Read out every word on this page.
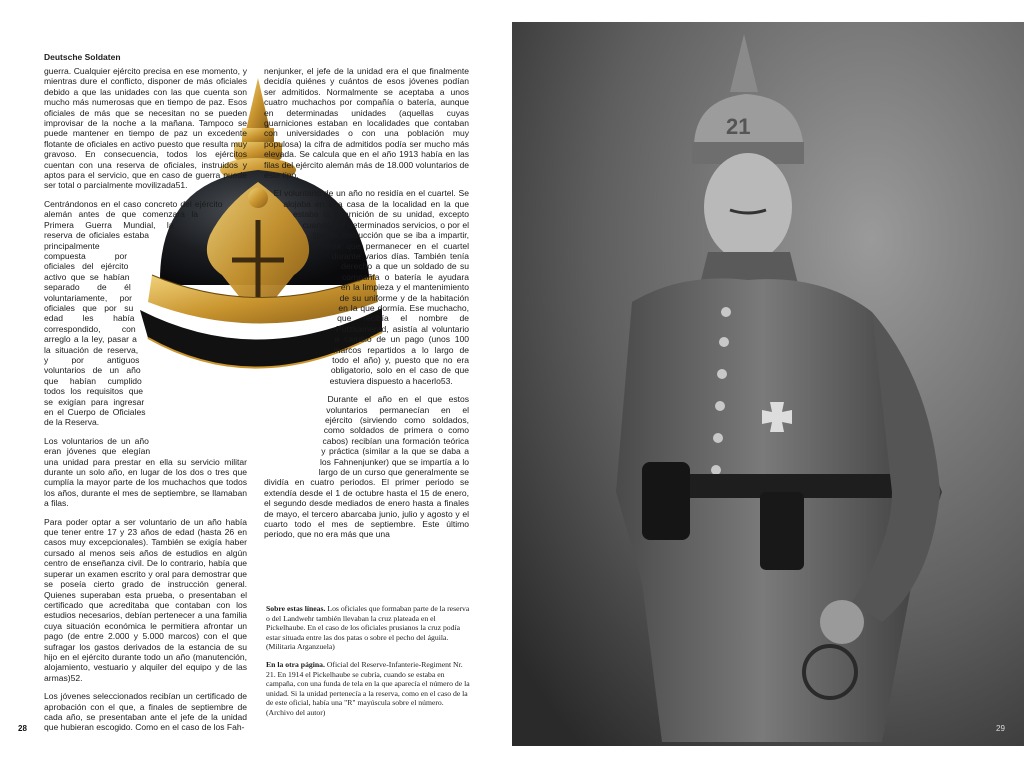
Deutsche Soldaten

guerra. Cualquier ejército precisa en ese momento, y mientras dure el conflicto, disponer de más oficiales debido a que las unidades con las que cuenta son mucho más numerosas que en tiempo de paz. Esos oficiales de más que se necesitan no se pueden improvisar de la noche a la mañana. Tampoco se puede mantener en tiempo de paz un excedente flotante de oficiales en activo puesto que resulta muy gravoso. En consecuencia, todos los ejércitos cuentan con una reserva de oficiales, instruidos y aptos para el servicio, que en caso de guerra puede ser total o parcialmente movilizada51.

Centrándonos en el caso concreto del ejército alemán antes de que comenzara la Primera Guerra Mundial, la reserva de oficiales estaba principalmente compuesta por oficiales del ejército activo que se habían separado de él voluntariamente, por oficiales que por su edad les había correspondido, con arreglo a la ley, pasar a la situación de reserva, y por antiguos voluntarios de un año que habían cumplido todos los requisitos que se exigían para ingresar en el Cuerpo de Oficiales de la Reserva.

Los voluntarios de un año eran jóvenes que elegían una unidad para prestar en ella su servicio militar durante un solo año, en lugar de los dos o tres que cumplía la mayor parte de los muchachos que todos los años, durante el mes de septiembre, se llamaban a filas.

Para poder optar a ser voluntario de un año había que tener entre 17 y 23 años de edad (hasta 26 en casos muy excepcionales). También se exigía haber cursado al menos seis años de estudios en algún centro de enseñanza civil. De lo contrario, había que superar un examen escrito y oral para demostrar que se poseía cierto grado de instrucción general. Quienes superaban esta prueba, o presentaban el certificado que acreditaba que contaban con los estudios necesarios, debían pertenecer a una familia cuya situación económica le permitiera afrontar un pago (de entre 2.000 y 5.000 marcos) con el que sufragar los gastos derivados de la estancia de su hijo en el ejército durante todo un año (manutención, alojamiento, vestuario y alquiler del equipo y de las armas)52.

Los jóvenes seleccionados recibían un certificado de aprobación con el que, a finales de septiembre de cada año, se presentaban ante el jefe de la unidad que hubieran escogido. Como en el caso de los Fah-

nenjunker, el jefe de la unidad era el que finalmente decidía quiénes y cuántos de esos jóvenes podían ser admitidos. Normalmente se aceptaba a unos cuatro muchachos por compañía o batería, aunque en determinadas unidades (aquellas cuyas guarniciones estaban en localidades que contaban con universidades o con una población muy populosa) la cifra de admitidos podía ser mucho más elevada. Se calcula que en el año 1913 había en las filas del ejército alemán más de 18.000 voluntarios de este tipo.

El voluntario de un año no residía en el cuartel. Se alojaba en una casa de la localidad en la que estaba la guarnición de su unidad, excepto cuando por determinados servicios, o por el tipo de instrucción que se iba a impartir, tenía que permanecer en el cuartel durante varios días. También tenía derecho a que un soldado de su compañía o batería le ayudara en la limpieza y el mantenimiento de su uniforme y de la habitación en la que dormía. Ese muchacho, que recibía el nombre de Putzkamerad, asistía al voluntario a cambio de un pago (unos 100 marcos repartidos a lo largo de todo el año) y, puesto que no era obligatorio, solo en el caso de que estuviera dispuesto a hacerlo53.

Durante el año en el que estos voluntarios permanecían en el ejército (sirviendo como soldados, como soldados de primera o como cabos) recibían una formación teórica y práctica (similar a la que se daba a los Fahnenjunker) que se impartía a lo largo de un curso que generalmente se dividía en cuatro periodos. El primer periodo se extendía desde el 1 de octubre hasta el 15 de enero, el segundo desde mediados de enero hasta a finales de mayo, el tercero abarcaba junio, julio y agosto y el cuarto todo el mes de septiembre. Este último periodo, que no era más que una

Sobre estas líneas. Los oficiales que formaban parte de la reserva o del Landwehr también llevaban la cruz plateada en el Pickelhaube. En el caso de los oficiales prusianos la cruz podía estar situada entre las dos patas o sobre el pecho del águila. (Militaria Arganzuela)
En la otra página. Oficial del Reserve-Infanterie-Regiment Nr. 21. En 1914 el Pickelhaube se cubría, cuando se estaba en campaña, con una funda de tela en la que aparecía el número de la unidad. Si la unidad pertenecía a la reserva, como en el caso de la de este oficial, había una "R" mayúscula sobre el número. (Archivo del autor)
28
21
29
